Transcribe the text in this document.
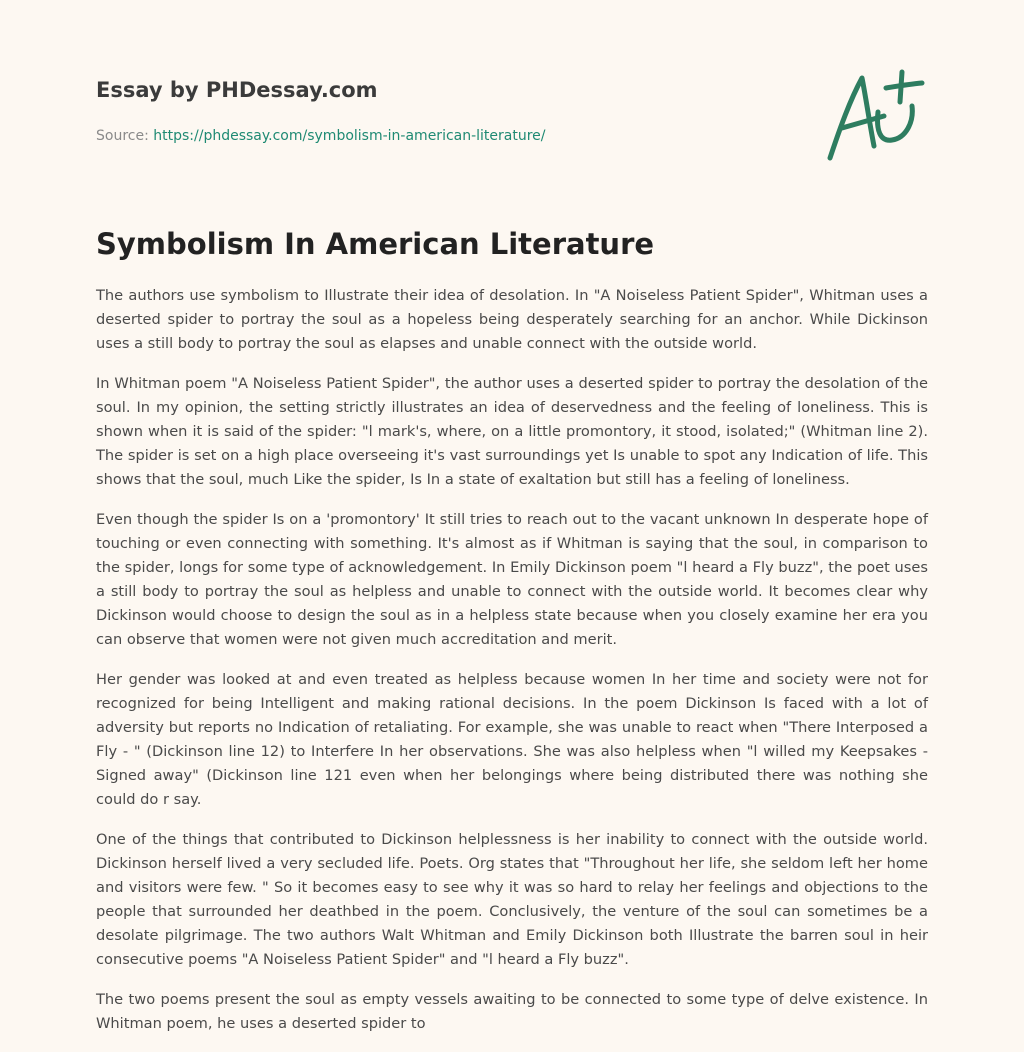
Essay by PHDessay.com
Source: https://phdessay.com/symbolism-in-american-literature/
Symbolism In American Literature

The authors use symbolism to Illustrate their idea of desolation. In "A Noiseless Patient Spider", Whitman uses a deserted spider to portray the soul as a hopeless being desperately searching for an anchor. While Dickinson uses a still body to portray the soul as elapses and unable connect with the outside world.

In Whitman poem "A Noiseless Patient Spider", the author uses a deserted spider to portray the desolation of the soul. In my opinion, the setting strictly illustrates an idea of deservedness and the feeling of loneliness. This is shown when it is said of the spider: "l mark's, where, on a little promontory, it stood, isolated;" (Whitman line 2). The spider is set on a high place overseeing it's vast surroundings yet Is unable to spot any Indication of life. This shows that the soul, much Like the spider, Is In a state of exaltation but still has a feeling of loneliness.

Even though the spider Is on a 'promontory' It still tries to reach out to the vacant unknown In desperate hope of touching or even connecting with something. It's almost as if Whitman is saying that the soul, in comparison to the spider, longs for some type of acknowledgement. In Emily Dickinson poem "l heard a Fly buzz", the poet uses a still body to portray the soul as helpless and unable to connect with the outside world. It becomes clear why Dickinson would choose to design the soul as in a helpless state because when you closely examine her era you can observe that women were not given much accreditation and merit.

Her gender was looked at and even treated as helpless because women In her time and society were not for recognized for being Intelligent and making rational decisions. In the poem Dickinson Is faced with a lot of adversity but reports no Indication of retaliating. For example, she was unable to react when "There Interposed a Fly - " (Dickinson line 12) to Interfere In her observations. She was also helpless when "l willed my Keepsakes - Signed away" (Dickinson line 121 even when her belongings where being distributed there was nothing she could do r say.

One of the things that contributed to Dickinson helplessness is her inability to connect with the outside world. Dickinson herself lived a very secluded life. Poets. Org states that "Throughout her life, she seldom left her home and visitors were few. " So it becomes easy to see why it was so hard to relay her feelings and objections to the people that surrounded her deathbed in the poem. Conclusively, the venture of the soul can sometimes be a desolate pilgrimage. The two authors Walt Whitman and Emily Dickinson both Illustrate the barren soul in heir consecutive poems "A Noiseless Patient Spider" and "l heard a Fly buzz".

The two poems present the soul as empty vessels awaiting to be connected to some type of delve existence. In Whitman poem, he uses a deserted spider to
